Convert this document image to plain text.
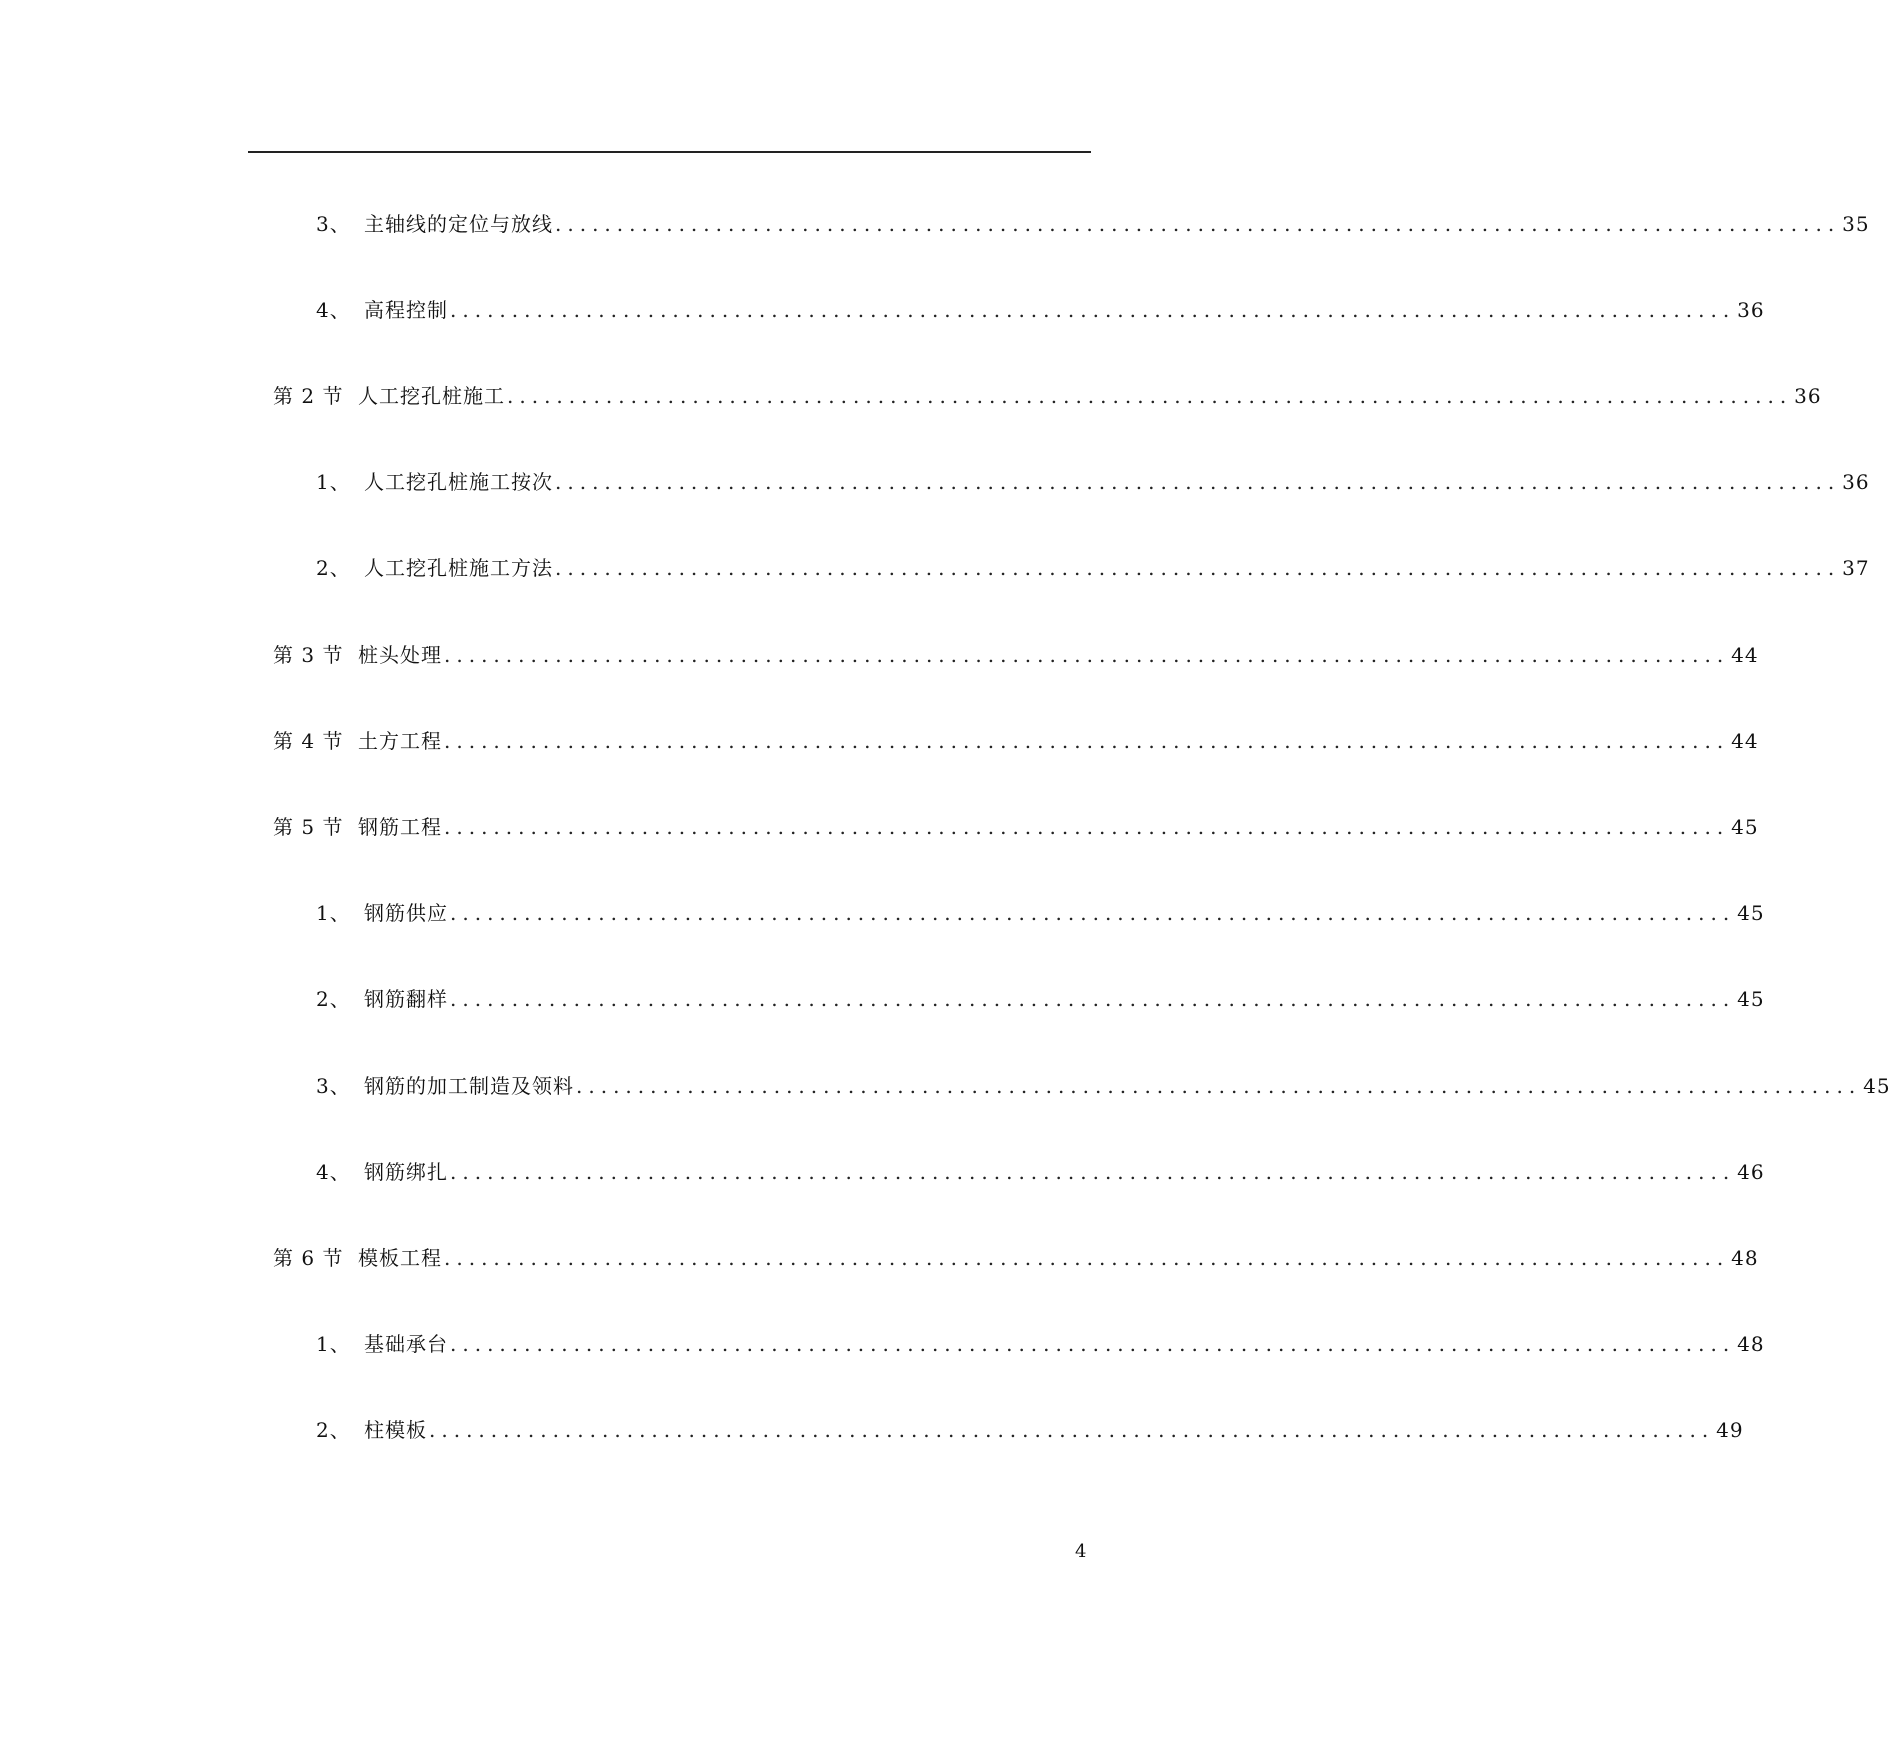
3、 主轴线的定位与放线 ........................................................................................................ 35
4、 高程控制 ........................................................................................................ 36
第 2 节 人工挖孔桩施工 ........................................................................................................ 36
1、 人工挖孔桩施工按次 ........................................................................................................ 36
2、 人工挖孔桩施工方法 ........................................................................................................ 37
第 3 节 桩头处理 ........................................................................................................ 44
第 4 节 土方工程 ........................................................................................................ 44
第 5 节 钢筋工程 ........................................................................................................ 45
1、 钢筋供应 ........................................................................................................ 45
2、 钢筋翻样 ........................................................................................................ 45
3、 钢筋的加工制造及领料 ........................................................................................................ 45
4、 钢筋绑扎 ........................................................................................................ 46
第 6 节 模板工程 ........................................................................................................ 48
1、 基础承台 ........................................................................................................ 48
2、 柱模板 ........................................................................................................ 49
4
